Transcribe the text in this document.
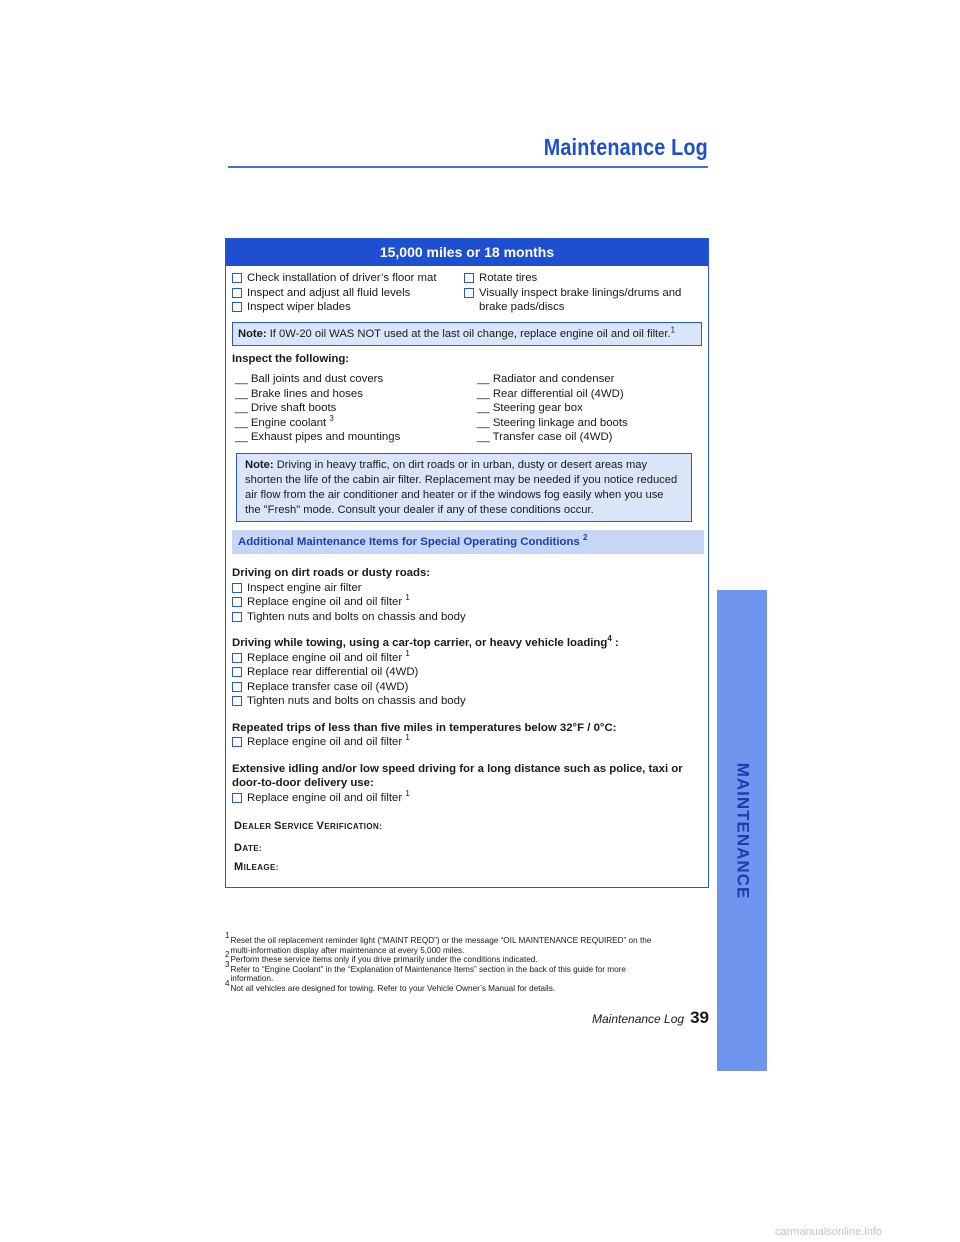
Maintenance Log
MAINTENANCE
15,000 miles or 18 months
Check installation of driver’s floor mat
Inspect and adjust all fluid levels
Inspect wiper blades
Rotate tires
Visually inspect brake linings/drums and
brake pads/discs
Note: If 0W-20 oil WAS NOT used at the last oil change, replace engine oil and oil filter.$^1$
Inspect the following:
__ Ball joints and dust covers
__ Brake lines and hoses
__ Drive shaft boots
__ Engine coolant $^3$
__ Exhaust pipes and mountings
__ Radiator and condenser
__ Rear differential oil (4WD)
__ Steering gear box
__ Steering linkage and boots
__ Transfer case oil (4WD)
Note: Driving in heavy traffic, on dirt roads or in urban, dusty or desert areas may
shorten the life of the cabin air filter. Replacement may be needed if you notice reduced
air flow from the air conditioner and heater or if the windows fog easily when you use
the "Fresh" mode. Consult your dealer if any of these conditions occur.
Additional Maintenance Items for Special Operating Conditions $^2$
Driving on dirt roads or dusty roads:
Inspect engine air filter
Replace engine oil and oil filter $^1$
Tighten nuts and bolts on chassis and body
Driving while towing, using a car-top carrier, or heavy vehicle loading$^4$ :
Replace engine oil and oil filter $^1$
Replace rear differential oil (4WD)
Replace transfer case oil (4WD)
Tighten nuts and bolts on chassis and body
Repeated trips of less than five miles in temperatures below 32°F / 0°C:
Replace engine oil and oil filter $^1$
Extensive idling and/or low speed driving for a long distance such as police, taxi or
door-to-door delivery use:
Replace engine oil and oil filter $^1$
DEALER SERVICE VERIFICATION:
DATE:
MILEAGE:
1
Reset the oil replacement reminder light (“MAINT REQD”) or the message “OIL MAINTENANCE REQUIRED” on the
multi-information display after maintenance at every 5,000 miles.
2
Perform these service items only if you drive primarily under the conditions indicated.
3
Refer to “Engine Coolant” in the “Explanation of Maintenance Items” section in the back of this guide for more
information.
4
Not all vehicles are designed for towing. Refer to your Vehicle Owner’s Manual for details.
Maintenance Log 39
carmanualsonline.info
